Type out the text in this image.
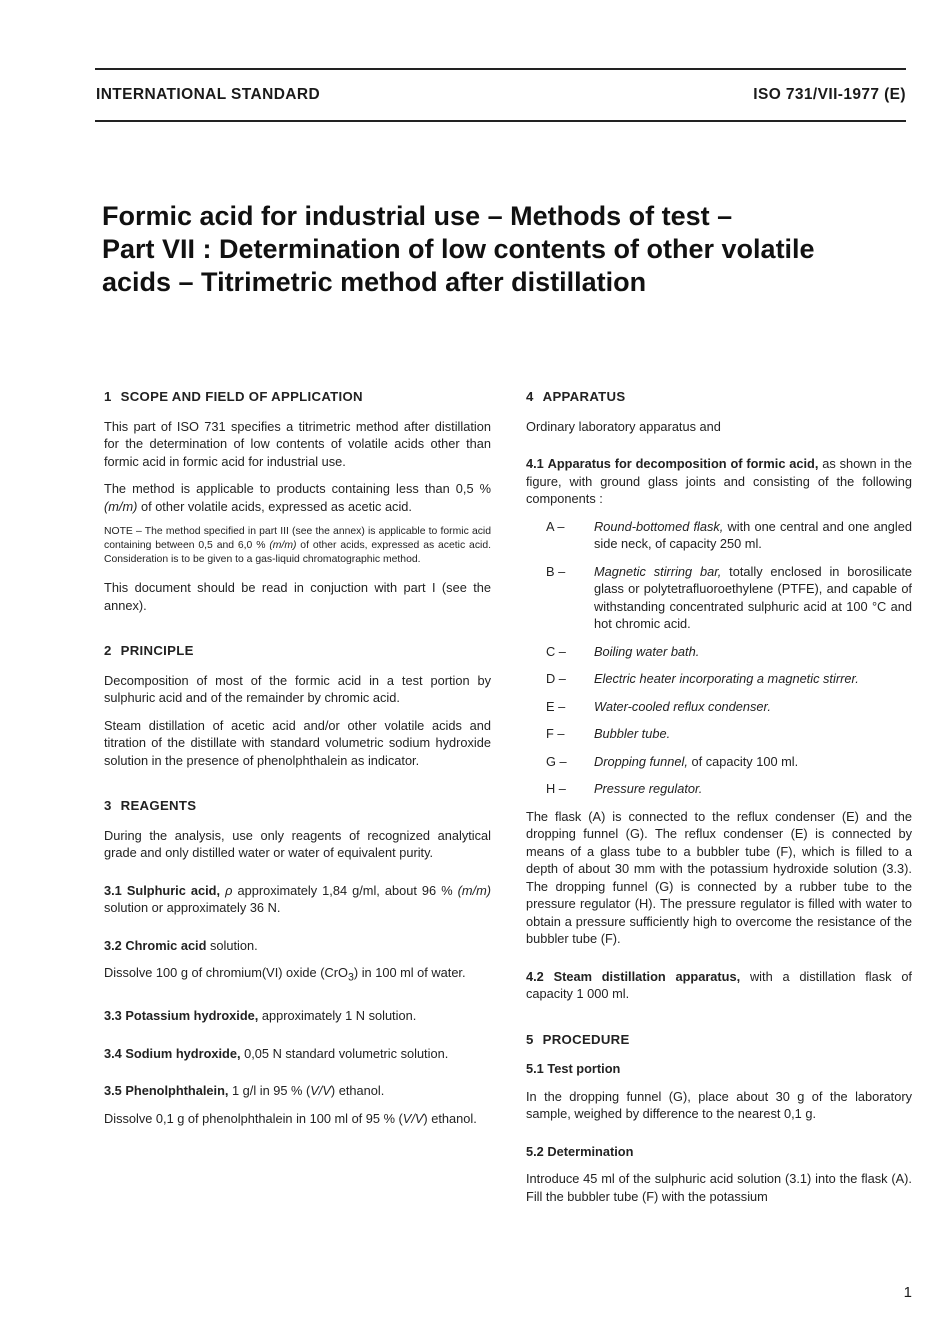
INTERNATIONAL STANDARD	ISO 731/VII-1977 (E)
Formic acid for industrial use – Methods of test –
Part VII : Determination of low contents of other volatile
acids – Titrimetric method after distillation
1 SCOPE AND FIELD OF APPLICATION

This part of ISO 731 specifies a titrimetric method after distillation for the determination of low contents of volatile acids other than formic acid in formic acid for industrial use.

The method is applicable to products containing less than 0,5 % (m/m) of other volatile acids, expressed as acetic acid.

NOTE – The method specified in part III (see the annex) is applicable to formic acid containing between 0,5 and 6,0 % (m/m) of other acids, expressed as acetic acid. Consideration is to be given to a gas-liquid chromatographic method.

This document should be read in conjuction with part I (see the annex).

2 PRINCIPLE

Decomposition of most of the formic acid in a test portion by sulphuric acid and of the remainder by chromic acid.

Steam distillation of acetic acid and/or other volatile acids and titration of the distillate with standard volumetric sodium hydroxide solution in the presence of phenolphthalein as indicator.

3 REAGENTS

During the analysis, use only reagents of recognized analytical grade and only distilled water or water of equivalent purity.

3.1 Sulphuric acid, ρ approximately 1,84 g/ml, about 96 % (m/m) solution or approximately 36 N.
3.2 Chromic acid solution.

Dissolve 100 g of chromium(VI) oxide (CrO$_3$) in 100 ml of water.

3.3 Potassium hydroxide, approximately 1 N solution.
3.4 Sodium hydroxide, 0,05 N standard volumetric solution.
3.5 Phenolphthalein, 1 g/l in 95 % (V/V) ethanol.

Dissolve 0,1 g of phenolphthalein in 100 ml of 95 % (V/V) ethanol.

4 APPARATUS

Ordinary laboratory apparatus and

4.1 Apparatus for decomposition of formic acid, as shown in the figure, with ground glass joints and consisting of the following components :

A –	Round-bottomed flask, with one central and one angled side neck, of capacity 250 ml.
B –	Magnetic stirring bar, totally enclosed in borosilicate glass or polytetrafluoroethylene (PTFE), and capable of withstanding concentrated sulphuric acid at 100 °C and hot chromic acid.
C –	Boiling water bath.
D –	Electric heater incorporating a magnetic stirrer.
E –	Water-cooled reflux condenser.
F –	Bubbler tube.
G –	Dropping funnel, of capacity 100 ml.
H –	Pressure regulator.

The flask (A) is connected to the reflux condenser (E) and the dropping funnel (G). The reflux condenser (E) is connected by means of a glass tube to a bubbler tube (F), which is filled to a depth of about 30 mm with the potassium hydroxide solution (3.3). The dropping funnel (G) is connected by a rubber tube to the pressure regulator (H). The pressure regulator is filled with water to obtain a pressure sufficiently high to overcome the resistance of the bubbler tube (F).

4.2 Steam distillation apparatus, with a distillation flask of capacity 1 000 ml.

5 PROCEDURE
5.1 Test portion

In the dropping funnel (G), place about 30 g of the laboratory sample, weighed by difference to the nearest 0,1 g.

5.2 Determination

Introduce 45 ml of the sulphuric acid solution (3.1) into the flask (A). Fill the bubbler tube (F) with the potassium

1
